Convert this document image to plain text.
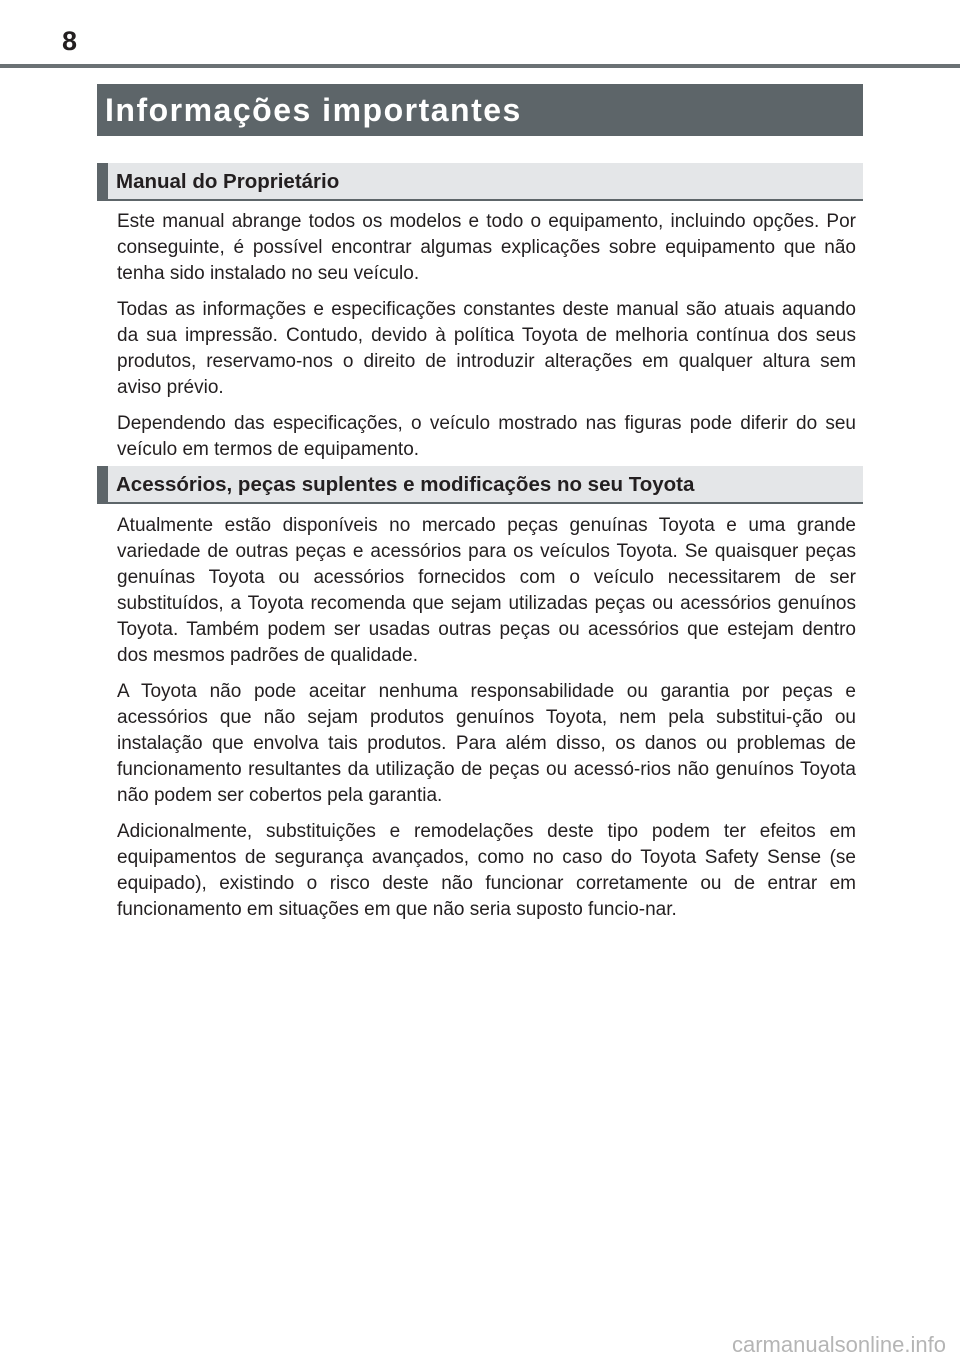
8
Informações importantes
Manual do Proprietário

Este manual abrange todos os modelos e todo o equipamento, incluindo opções. Por conseguinte, é possível encontrar algumas explicações sobre equipamento que não tenha sido instalado no seu veículo.

Todas as informações e especificações constantes deste manual são atuais aquando da sua impressão. Contudo, devido à política Toyota de melhoria contínua dos seus produtos, reservamo-nos o direito de introduzir alterações em qualquer altura sem aviso prévio.

Dependendo das especificações, o veículo mostrado nas figuras pode diferir do seu veículo em termos de equipamento.

Acessórios, peças suplentes e modificações no seu Toyota

Atualmente estão disponíveis no mercado peças genuínas Toyota e uma grande variedade de outras peças e acessórios para os veículos Toyota. Se quaisquer peças genuínas Toyota ou acessórios fornecidos com o veículo necessitarem de ser substituídos, a Toyota recomenda que sejam utilizadas peças ou acessórios genuínos Toyota. Também podem ser usadas outras peças ou acessórios que estejam dentro dos mesmos padrões de qualidade.

A Toyota não pode aceitar nenhuma responsabilidade ou garantia por peças e acessórios que não sejam produtos genuínos Toyota, nem pela substitui-ção ou instalação que envolva tais produtos. Para além disso, os danos ou problemas de funcionamento resultantes da utilização de peças ou acessó-rios não genuínos Toyota não podem ser cobertos pela garantia.

Adicionalmente, substituições e remodelações deste tipo podem ter efeitos em equipamentos de segurança avançados, como no caso do Toyota Safety Sense (se equipado), existindo o risco deste não funcionar corretamente ou de entrar em funcionamento em situações em que não seria suposto funcio-nar.

carmanualsonline.info
